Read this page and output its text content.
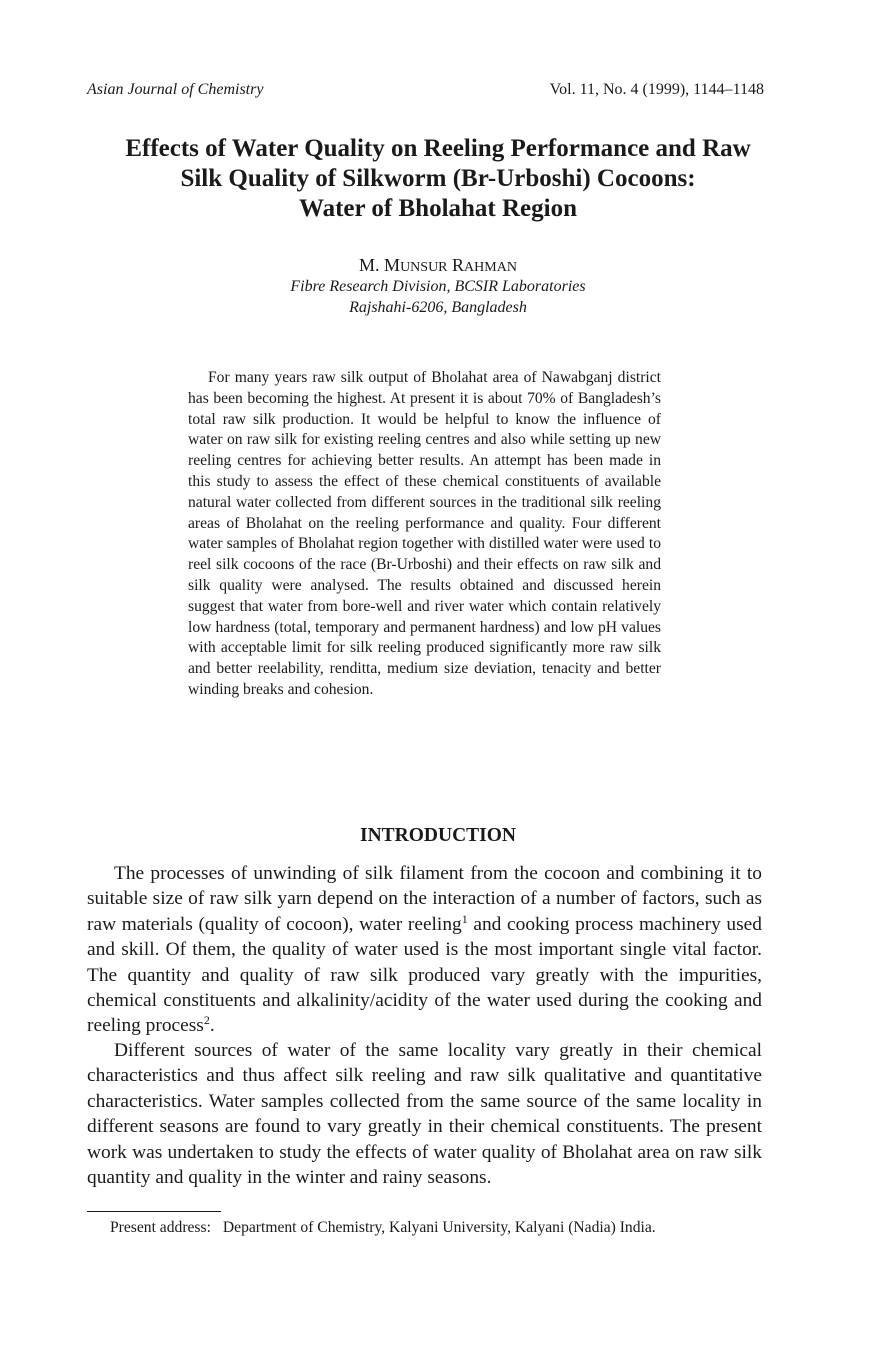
Asian Journal of Chemistry	Vol. 11, No. 4 (1999), 1144–1148
Effects of Water Quality on Reeling Performance and Raw
Silk Quality of Silkworm (Br-Urboshi) Cocoons:
Water of Bholahat Region
M. MUNSUR RAHMAN
Fibre Research Division, BCSIR Laboratories
Rajshahi-6206, Bangladesh

For many years raw silk output of Bholahat area of Nawabganj district has been becoming the highest. At present it is about 70% of Bangladesh’s total raw silk production. It would be helpful to know the influence of water on raw silk for existing reeling centres and also while setting up new reeling centres for achieving better results. An attempt has been made in this study to assess the effect of these chemical constituents of available natural water collected from different sources in the traditional silk reeling areas of Bholahat on the reeling performance and quality. Four different water samples of Bholahat region together with distilled water were used to reel silk cocoons of the race (Br-Urboshi) and their effects on raw silk and silk quality were analysed. The results obtained and discussed herein suggest that water from bore-well and river water which contain relatively low hardness (total, temporary and permanent hardness) and low pH values with acceptable limit for silk reeling produced significantly more raw silk and better reelability, renditta, medium size deviation, tenacity and better winding breaks and cohesion.

INTRODUCTION

The processes of unwinding of silk filament from the cocoon and combining it to suitable size of raw silk yarn depend on the interaction of a number of factors, such as raw materials (quality of cocoon), water reeling$^1$ and cooking process machinery used and skill. Of them, the quality of water used is the most important single vital factor. The quantity and quality of raw silk produced vary greatly with the impurities, chemical constituents and alkalinity/acidity of the water used during the cooking and reeling process$^2$.

Different sources of water of the same locality vary greatly in their chemical characteristics and thus affect silk reeling and raw silk qualitative and quantitative characteristics. Water samples collected from the same source of the same locality in different seasons are found to vary greatly in their chemical constituents. The present work was undertaken to study the effects of water quality of Bholahat area on raw silk quantity and quality in the winter and rainy seasons.

Present address: Department of Chemistry, Kalyani University, Kalyani (Nadia) India.
